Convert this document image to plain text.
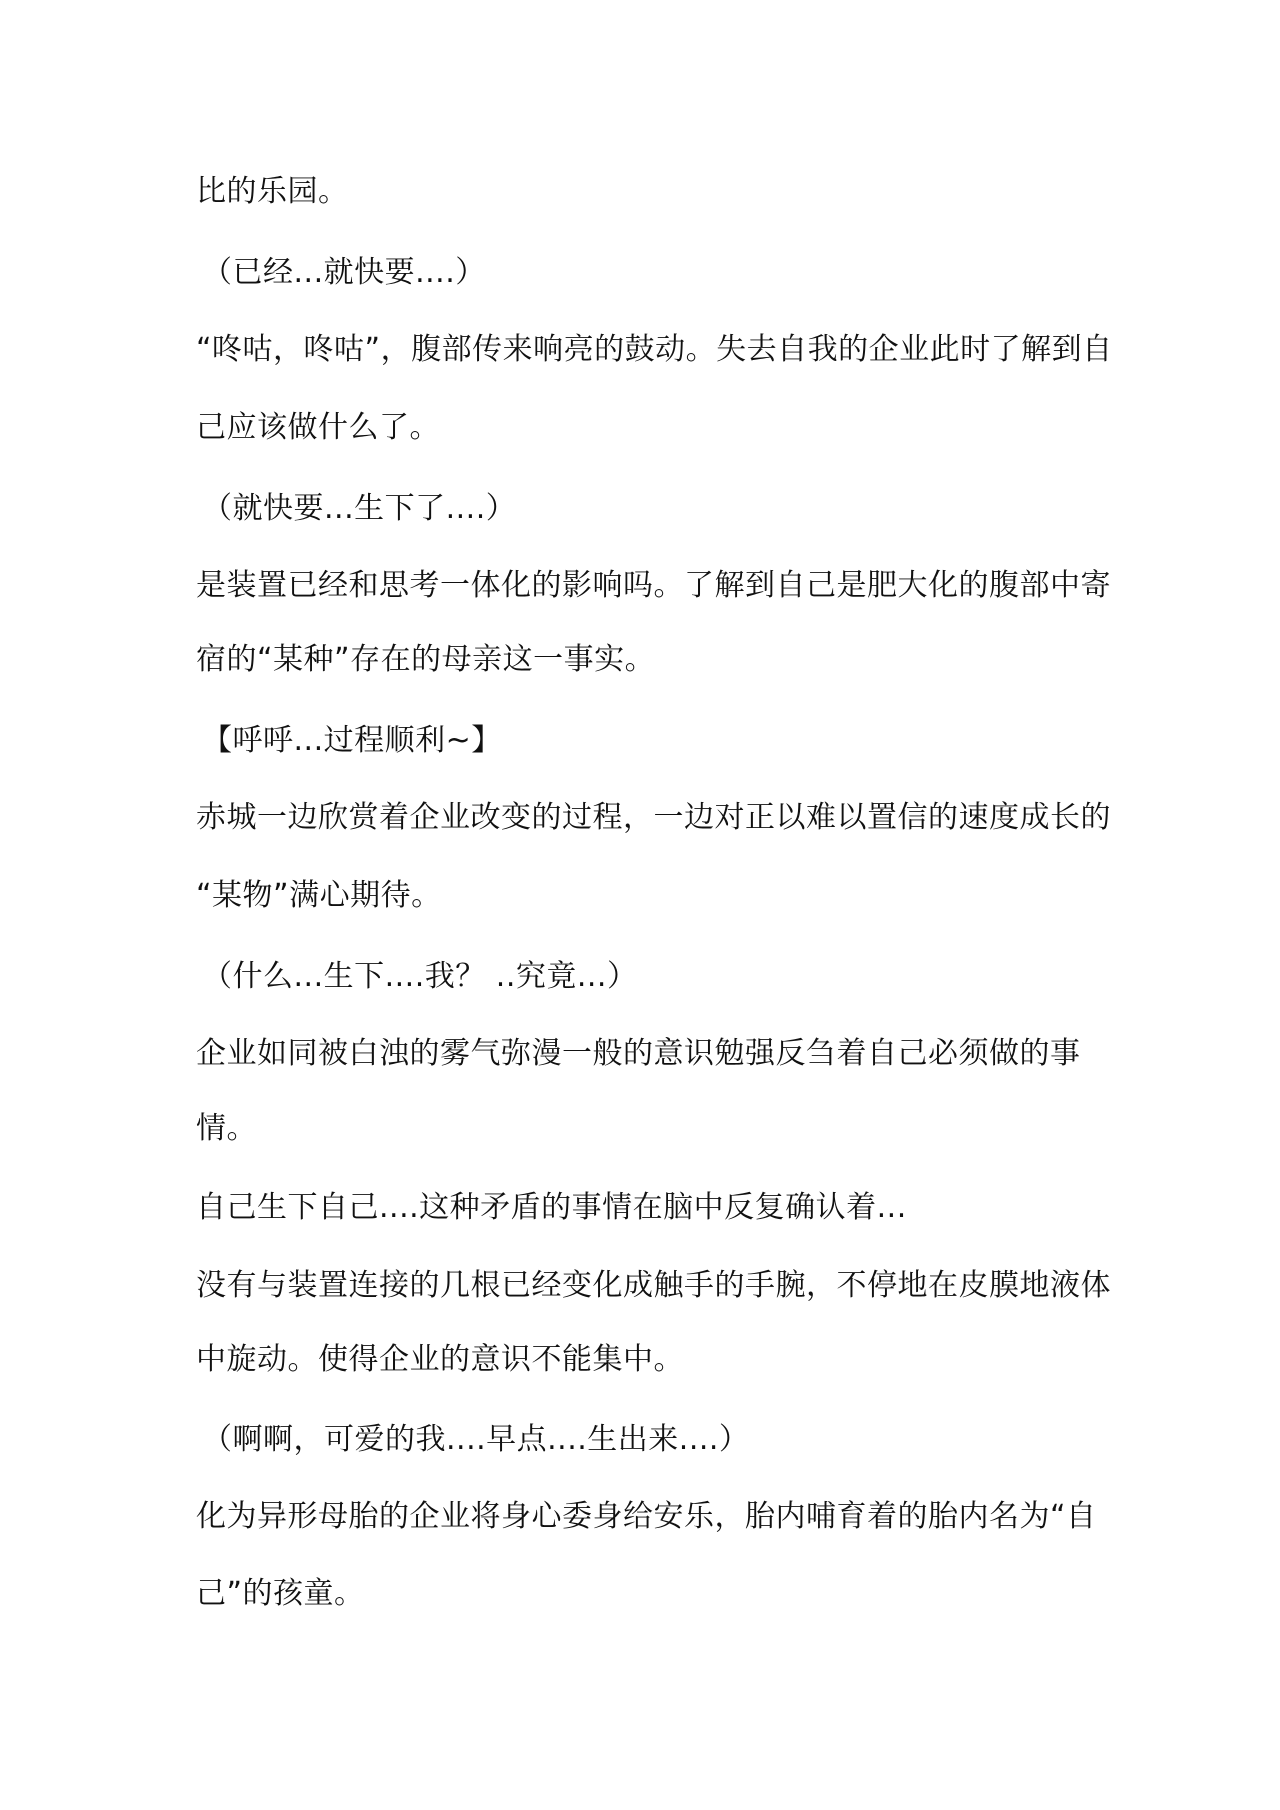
比的乐园。
（已经...就快要....）
“咚咕，咚咕”，腹部传来响亮的鼓动。失去自我的企业此时了解到自
己应该做什么了。
（就快要...生下了....）
是装置已经和思考一体化的影响吗。了解到自己是肥大化的腹部中寄
宿的“某种”存在的母亲这一事实。
【呼呼...过程顺利~】
赤城一边欣赏着企业改变的过程，一边对正以难以置信的速度成长的
“某物”满心期待。
（什么...生下....我？ ..究竟...）
企业如同被白浊的雾气弥漫一般的意识勉强反刍着自己必须做的事
情。
自己生下自己....这种矛盾的事情在脑中反复确认着...
没有与装置连接的几根已经变化成触手的手腕，不停地在皮膜地液体
中旋动。使得企业的意识不能集中。
（啊啊，可爱的我....早点....生出来....）
化为异形母胎的企业将身心委身给安乐，胎内哺育着的胎内名为“自
己”的孩童。
